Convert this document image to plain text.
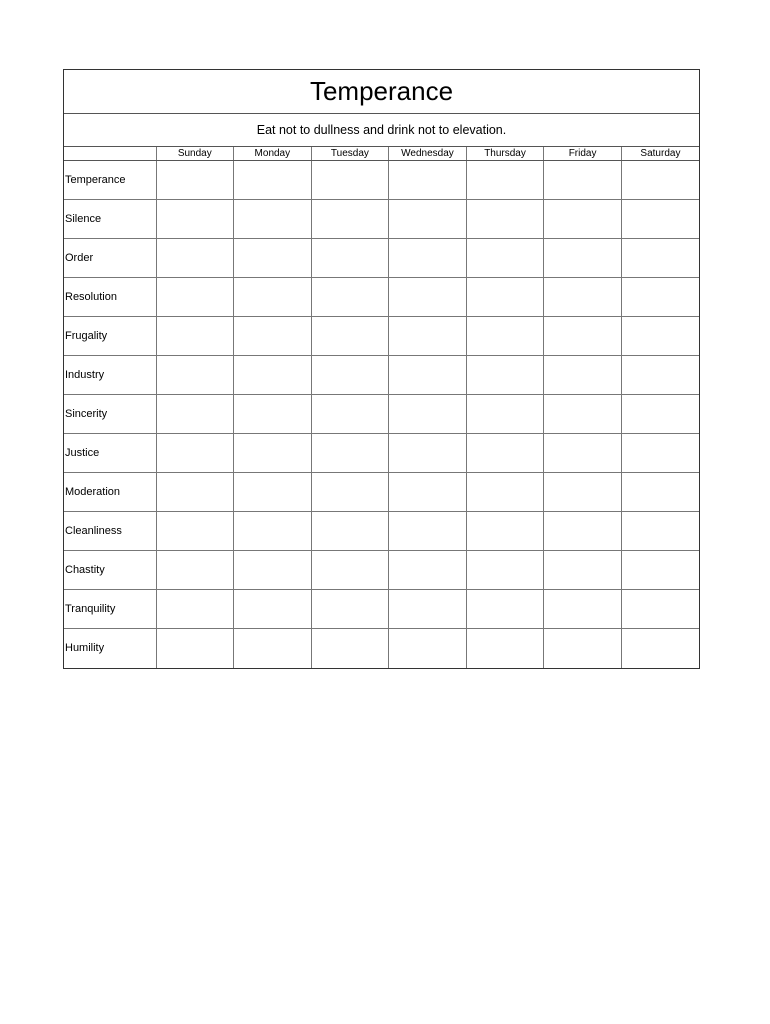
Temperance
Eat not to dullness and drink not to elevation.
	Sunday	Monday	Tuesday	Wednesday	Thursday	Friday	Saturday
Temperance							
Silence							
Order							
Resolution							
Frugality							
Industry							
Sincerity							
Justice							
Moderation							
Cleanliness							
Chastity							
Tranquility							
Humility							
